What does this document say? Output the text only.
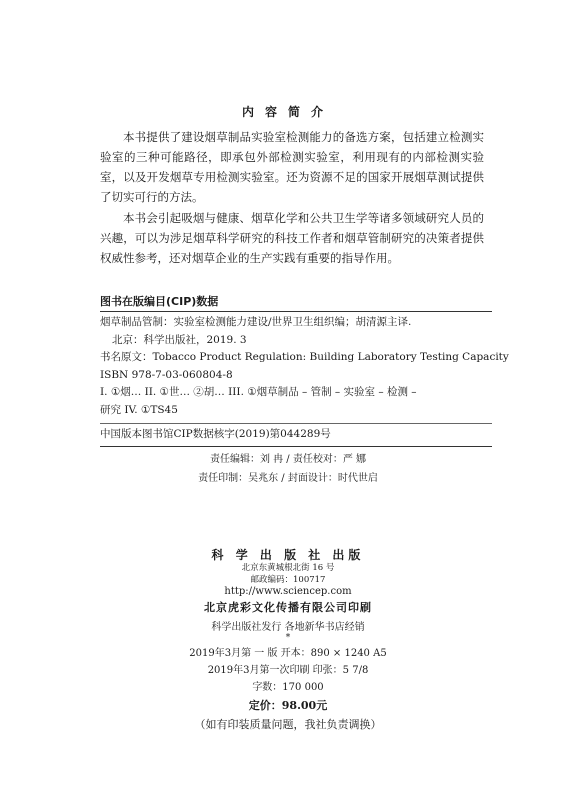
内容简介

本书提供了建设烟草制品实验室检测能力的备选方案，包括建立检测实验室的三种可能路径，即承包外部检测实验室，利用现有的内部检测实验室，以及开发烟草专用检测实验室。还为资源不足的国家开展烟草测试提供了切实可行的方法。

本书会引起吸烟与健康、烟草化学和公共卫生学等诸多领域研究人员的兴趣，可以为涉足烟草科学研究的科技工作者和烟草管制研究的决策者提供权威性参考，还对烟草企业的生产实践有重要的指导作用。

图书在版编目(CIP)数据
烟草制品管制：实验室检测能力建设/世界卫生组织编；胡清源主译.
北京：科学出版社，2019. 3
书名原文：Tobacco Product Regulation: Building Laboratory Testing Capacity
ISBN 978-7-03-060804-8
I. ①烟… II. ①世… ②胡… III. ①烟草制品 – 管制 – 实验室 – 检测 –
研究 IV. ①TS45
中国版本图书馆CIP数据核字(2019)第044289号
责任编辑：刘 冉 / 责任校对：严 娜
责任印制：吴兆东 / 封面设计：时代世启
科 学 出 版 社 出版
北京东黄城根北街 16 号
邮政编码：100717
http://www.sciencep.com
北京虎彩文化传播有限公司印刷
科学出版社发行 各地新华书店经销
*
2019年3月第 一 版 开本：890 × 1240 A5
2019年3月第一次印刷 印张：5 7/8
字数：170 000
定价：98.00元
（如有印装质量问题，我社负责调换）
